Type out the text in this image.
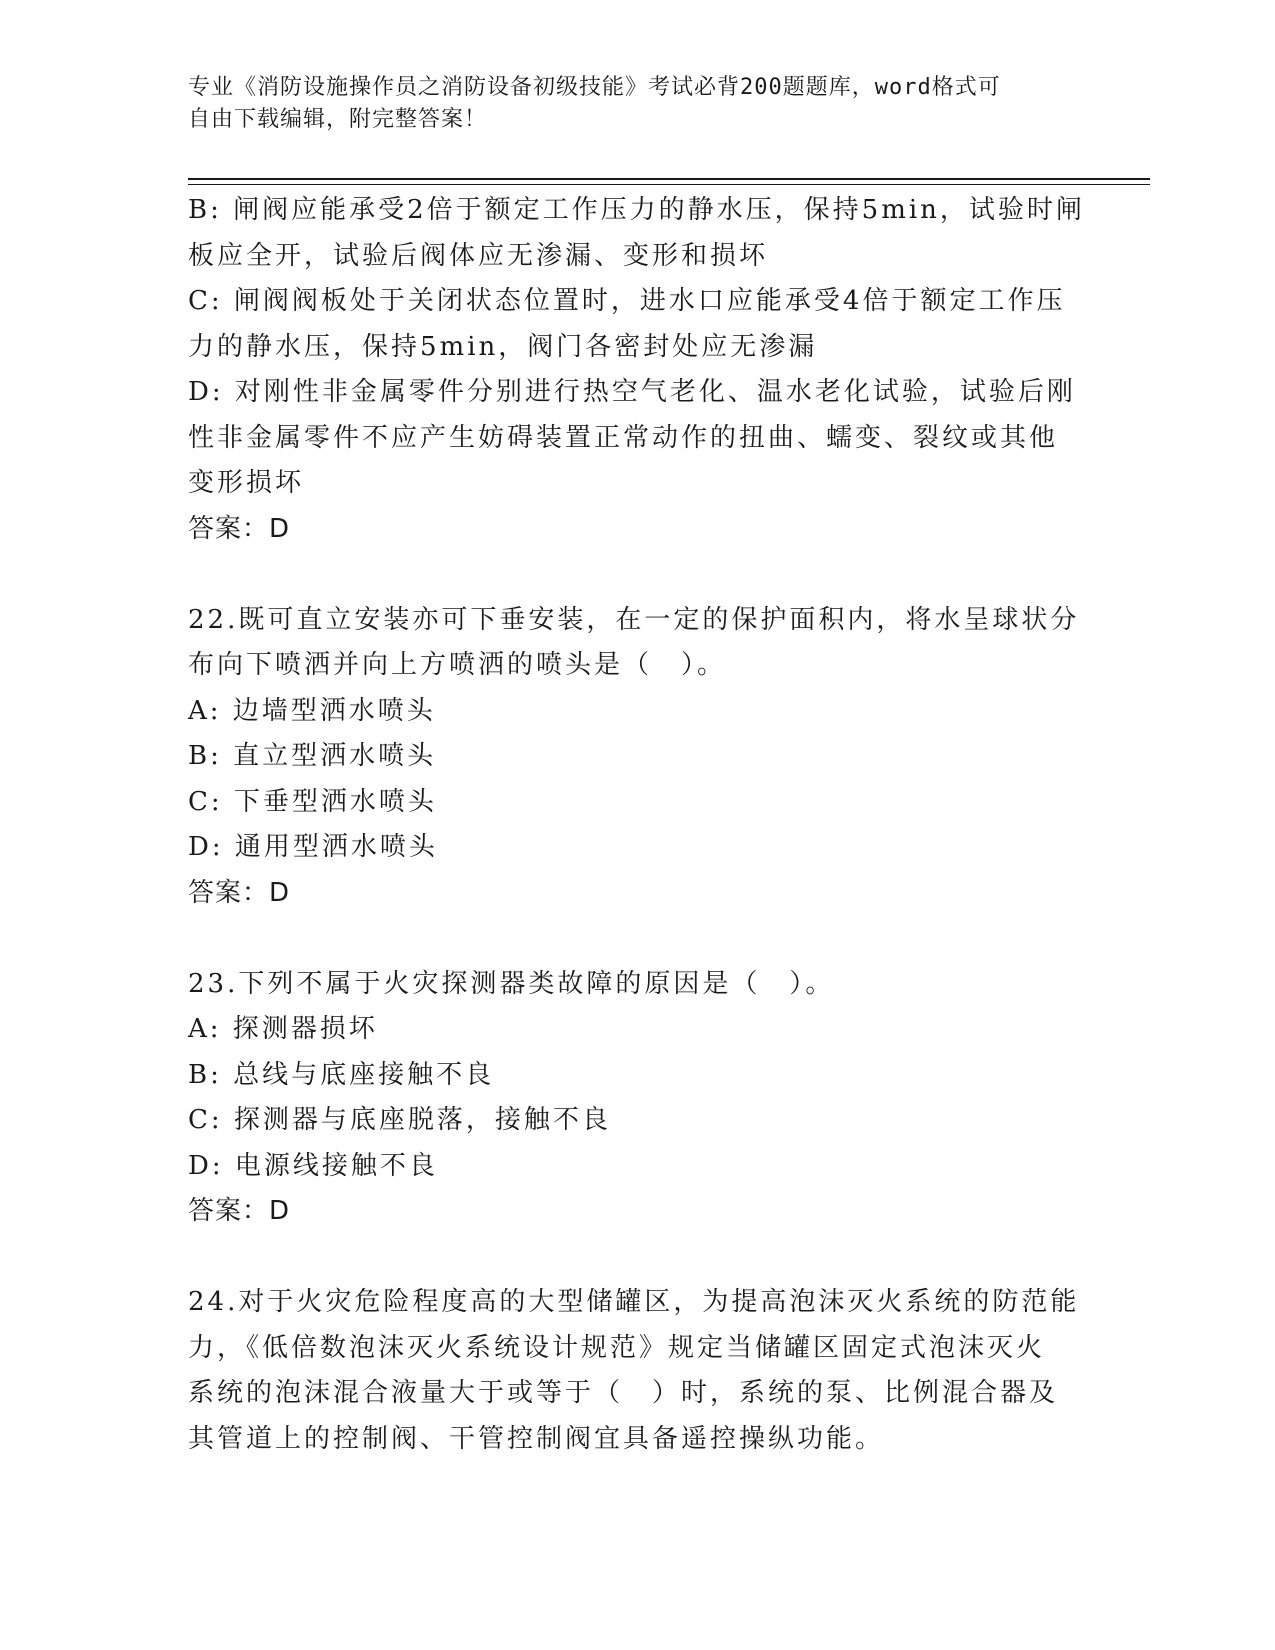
专业《消防设施操作员之消防设备初级技能》考试必背200题题库，word格式可
自由下载编辑，附完整答案！
B: 闸阀应能承受2倍于额定工作压力的静水压，保持5min，试验时闸
板应全开，试验后阀体应无渗漏、变形和损坏
C: 闸阀阀板处于关闭状态位置时，进水口应能承受4倍于额定工作压
力的静水压，保持5min，阀门各密封处应无渗漏
D: 对刚性非金属零件分别进行热空气老化、温水老化试验，试验后刚
性非金属零件不应产生妨碍装置正常动作的扭曲、蠕变、裂纹或其他
变形损坏
答案：D
22.既可直立安装亦可下垂安装，在一定的保护面积内，将水呈球状分
布向下喷洒并向上方喷洒的喷头是（　）。
A: 边墙型洒水喷头
B: 直立型洒水喷头
C: 下垂型洒水喷头
D: 通用型洒水喷头
答案：D
23.下列不属于火灾探测器类故障的原因是（　）。
A: 探测器损坏
B: 总线与底座接触不良
C: 探测器与底座脱落，接触不良
D: 电源线接触不良
答案：D
24.对于火灾危险程度高的大型储罐区，为提高泡沫灭火系统的防范能
力，《低倍数泡沫灭火系统设计规范》规定当储罐区固定式泡沫灭火
系统的泡沫混合液量大于或等于（　）时，系统的泵、比例混合器及
其管道上的控制阀、干管控制阀宜具备遥控操纵功能。
